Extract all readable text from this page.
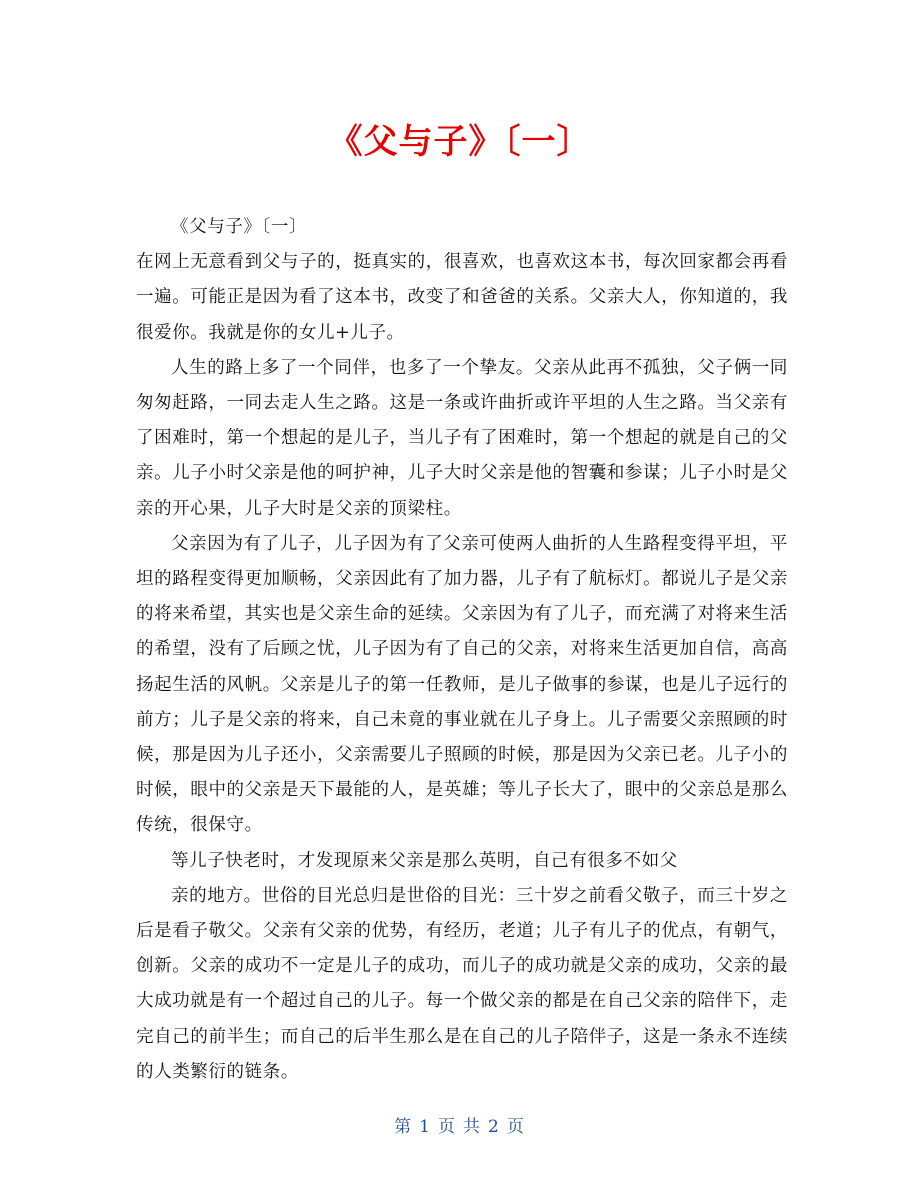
《父与子》〔一〕

《父与子》〔一〕

在网上无意看到父与子的，挺真实的，很喜欢，也喜欢这本书，每次回家都会再看一遍。可能正是因为看了这本书，改变了和爸爸的关系。父亲大人，你知道的，我很爱你。我就是你的女儿+儿子。

人生的路上多了一个同伴，也多了一个挚友。父亲从此再不孤独，父子俩一同匆匆赶路，一同去走人生之路。这是一条或许曲折或许平坦的人生之路。当父亲有了困难时，第一个想起的是儿子，当儿子有了困难时，第一个想起的就是自己的父亲。儿子小时父亲是他的呵护神，儿子大时父亲是他的智囊和参谋；儿子小时是父亲的开心果，儿子大时是父亲的顶梁柱。

父亲因为有了儿子，儿子因为有了父亲可使两人曲折的人生路程变得平坦，平坦的路程变得更加顺畅，父亲因此有了加力器，儿子有了航标灯。都说儿子是父亲的将来希望，其实也是父亲生命的延续。父亲因为有了儿子，而充满了对将来生活的希望，没有了后顾之忧，儿子因为有了自己的父亲，对将来生活更加自信，高高扬起生活的风帆。父亲是儿子的第一任教师，是儿子做事的参谋，也是儿子远行的前方；儿子是父亲的将来，自己未竟的事业就在儿子身上。儿子需要父亲照顾的时候，那是因为儿子还小，父亲需要儿子照顾的时候，那是因为父亲已老。儿子小的时候，眼中的父亲是天下最能的人，是英雄；等儿子长大了，眼中的父亲总是那么传统，很保守。

等儿子快老时，才发现原来父亲是那么英明，自己有很多不如父

亲的地方。世俗的目光总归是世俗的目光：三十岁之前看父敬子，而三十岁之后是看子敬父。父亲有父亲的优势，有经历，老道；儿子有儿子的优点，有朝气，创新。父亲的成功不一定是儿子的成功，而儿子的成功就是父亲的成功，父亲的最大成功就是有一个超过自己的儿子。每一个做父亲的都是在自己父亲的陪伴下，走完自己的前半生；而自己的后半生那么是在自己的儿子陪伴子，这是一条永不连续的人类繁衍的链条。

第 1 页 共 2 页
